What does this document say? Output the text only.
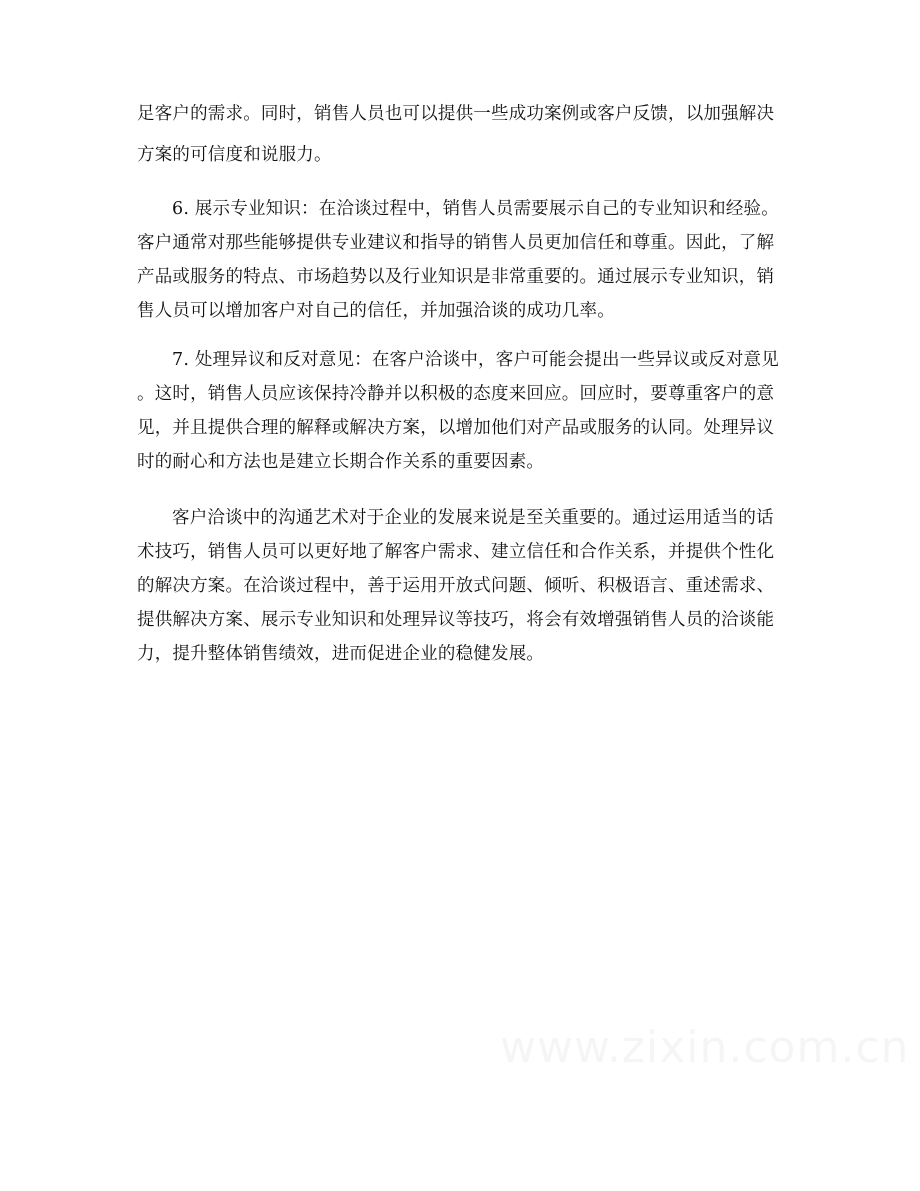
足客户的需求。同时，销售人员也可以提供一些成功案例或客户反馈，以加强解决
方案的可信度和说服力。
6. 展示专业知识：在洽谈过程中，销售人员需要展示自己的专业知识和经验。
客户通常对那些能够提供专业建议和指导的销售人员更加信任和尊重。因此，了解
产品或服务的特点、市场趋势以及行业知识是非常重要的。通过展示专业知识，销
售人员可以增加客户对自己的信任，并加强洽谈的成功几率。
7. 处理异议和反对意见：在客户洽谈中，客户可能会提出一些异议或反对意见
。这时，销售人员应该保持冷静并以积极的态度来回应。回应时，要尊重客户的意
见，并且提供合理的解释或解决方案，以增加他们对产品或服务的认同。处理异议
时的耐心和方法也是建立长期合作关系的重要因素。
客户洽谈中的沟通艺术对于企业的发展来说是至关重要的。通过运用适当的话
术技巧，销售人员可以更好地了解客户需求、建立信任和合作关系，并提供个性化
的解决方案。在洽谈过程中，善于运用开放式问题、倾听、积极语言、重述需求、
提供解决方案、展示专业知识和处理异议等技巧，将会有效增强销售人员的洽谈能
力，提升整体销售绩效，进而促进企业的稳健发展。
